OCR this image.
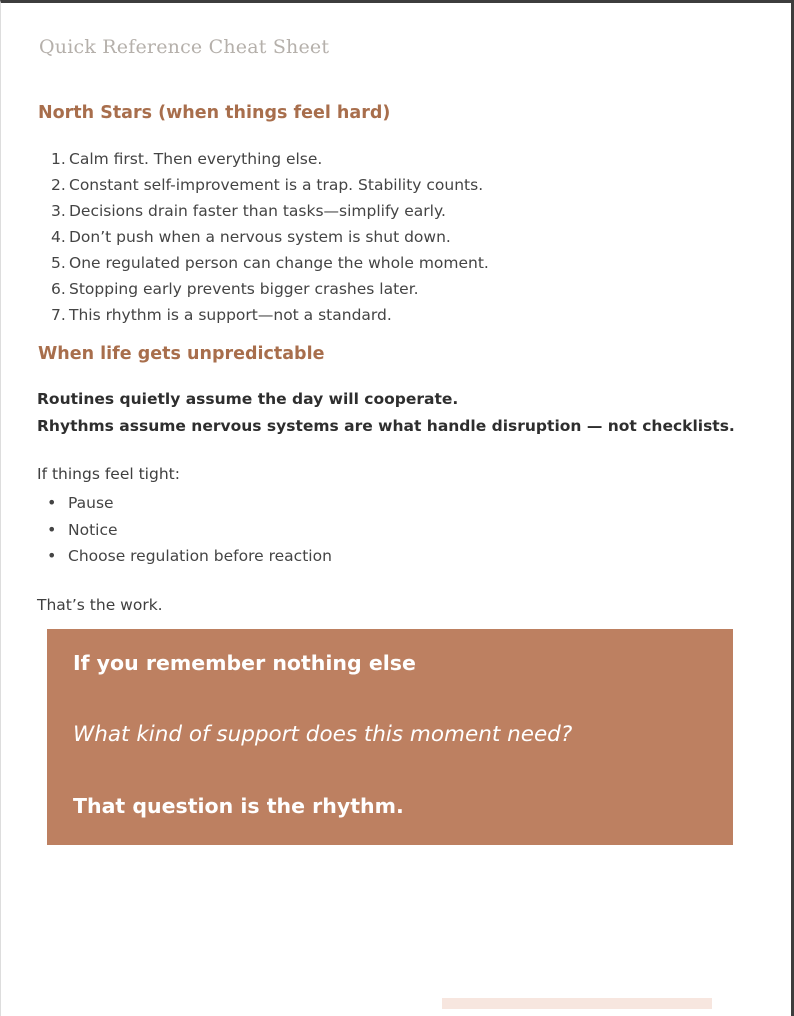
Quick Reference Cheat Sheet
North Stars (when things feel hard)
1. Calm first. Then everything else.
2. Constant self-improvement is a trap. Stability counts.
3. Decisions drain faster than tasks—simplify early.
4. Don’t push when a nervous system is shut down.
5. One regulated person can change the whole moment.
6. Stopping early prevents bigger crashes later.
7. This rhythm is a support—not a standard.
When life gets unpredictable
Routines quietly assume the day will cooperate.
Rhythms assume nervous systems are what handle disruption — not checklists.

If things feel tight:

• Pause
• Notice
• Choose regulation before reaction

That’s the work.

If you remember nothing else

What kind of support does this moment need?

That question is the rhythm.
